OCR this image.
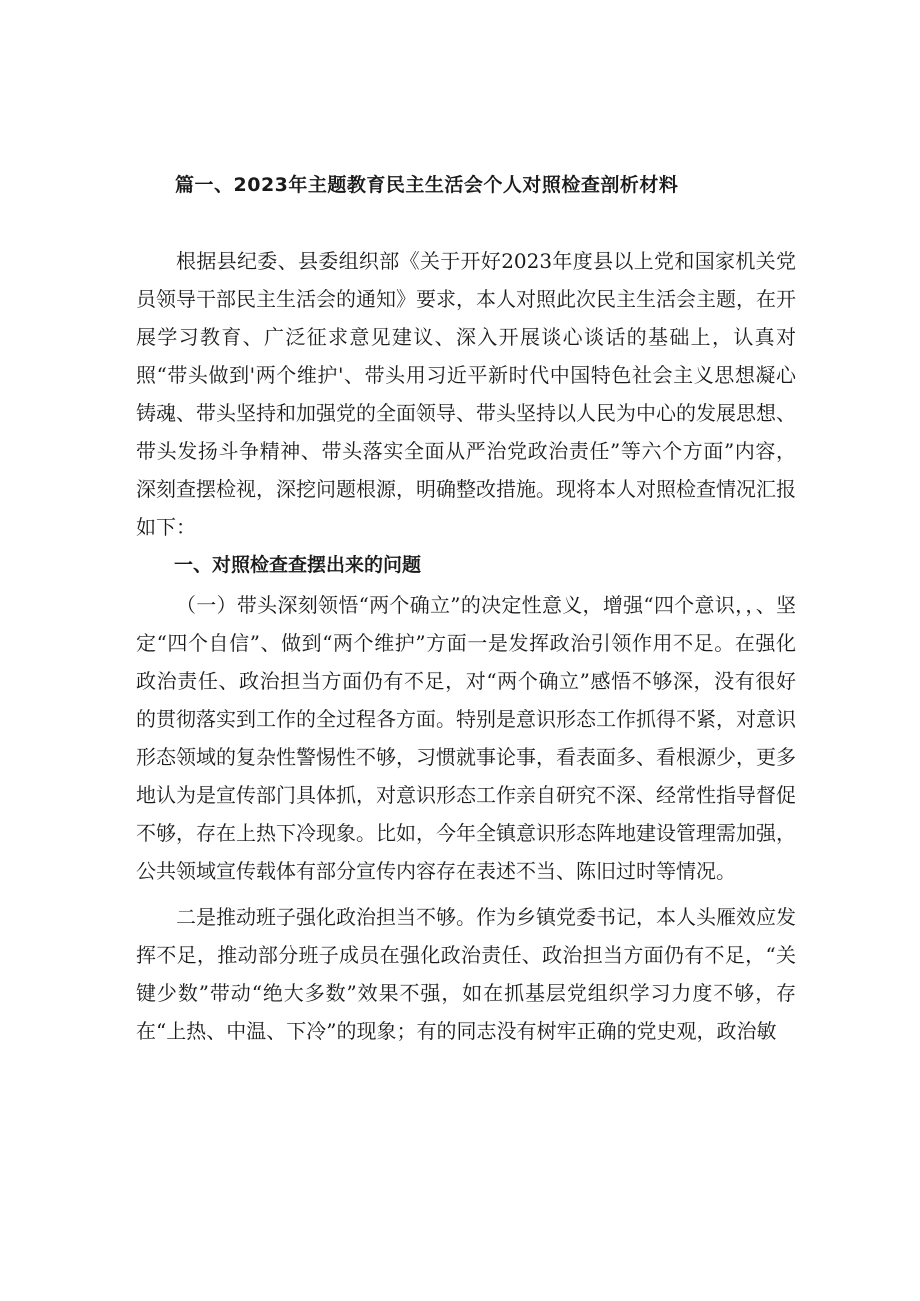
篇一、2023年主题教育民主生活会个人对照检查剖析材料

根据县纪委、县委组织部《关于开好2023年度县以上党和国家机关党员领导干部民主生活会的通知》要求，本人对照此次民主生活会主题，在开展学习教育、广泛征求意见建议、深入开展谈心谈话的基础上，认真对照“带头做到'两个维护'、带头用习近平新时代中国特色社会主义思想凝心铸魂、带头坚持和加强党的全面领导、带头坚持以人民为中心的发展思想、带头发扬斗争精神、带头落实全面从严治党政治责任”等六个方面”内容，深刻查摆检视，深挖问题根源，明确整改措施。现将本人对照检查情况汇报如下：

一、对照检查查摆出来的问题

（一）带头深刻领悟“两个确立”的决定性意义，增强“四个意识，，、坚定“四个自信”、做到“两个维护”方面一是发挥政治引领作用不足。在强化政治责任、政治担当方面仍有不足，对“两个确立”感悟不够深，没有很好的贯彻落实到工作的全过程各方面。特别是意识形态工作抓得不紧，对意识形态领域的复杂性警惕性不够，习惯就事论事，看表面多、看根源少，更多地认为是宣传部门具体抓，对意识形态工作亲自研究不深、经常性指导督促不够，存在上热下冷现象。比如，今年全镇意识形态阵地建设管理需加强，公共领域宣传载体有部分宣传内容存在表述不当、陈旧过时等情况。

二是推动班子强化政治担当不够。作为乡镇党委书记，本人头雁效应发挥不足，推动部分班子成员在强化政治责任、政治担当方面仍有不足，“关键少数”带动“绝大多数”效果不强，如在抓基层党组织学习力度不够，存在“上热、中温、下冷”的现象；有的同志没有树牢正确的党史观，政治敏
